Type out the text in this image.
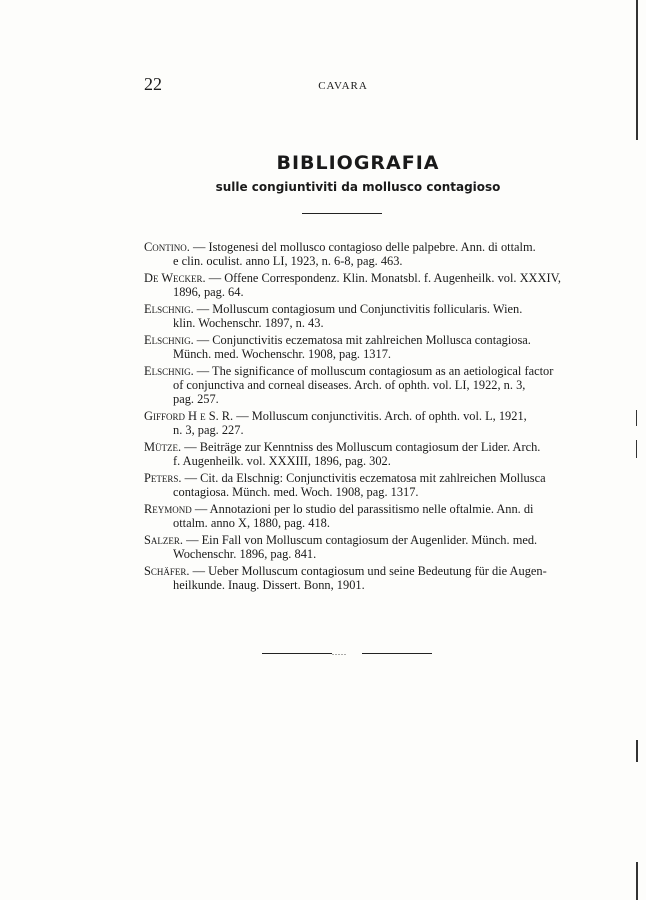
22	CAVARA
BIBLIOGRAFIA
sulle congiuntiviti da mollusco contagioso
Contino. — Istogenesi del mollusco contagioso delle palpebre. Ann. di ottalm.
e clin. oculist. anno LI, 1923, n. 6-8, pag. 463.
De Wecker. — Offene Correspondenz. Klin. Monatsbl. f. Augenheilk. vol. XXXIV,
1896, pag. 64.
Elschnig. — Molluscum contagiosum und Conjunctivitis follicularis. Wien.
klin. Wochenschr. 1897, n. 43.
Elschnig. — Conjunctivitis eczematosa mit zahlreichen Mollusca contagiosa.
Münch. med. Wochenschr. 1908, pag. 1317.
Elschnig. — The significance of molluscum contagiosum as an aetiological factor
of conjunctiva and corneal diseases. Arch. of ophth. vol. LI, 1922, n. 3,
pag. 257.
Gifford H e S. R. — Molluscum conjunctivitis. Arch. of ophth. vol. L, 1921,
n. 3, pag. 227.
Mütze. — Beiträge zur Kenntniss des Molluscum contagiosum der Lider. Arch.
f. Augenheilk. vol. XXXIII, 1896, pag. 302.
Peters. — Cit. da Elschnig: Conjunctivitis eczematosa mit zahlreichen Mollusca
contagiosa. Münch. med. Woch. 1908, pag. 1317.
Reymond — Annotazioni per lo studio del parassitismo nelle oftalmie. Ann. di
ottalm. anno X, 1880, pag. 418.
Salzer. — Ein Fall von Molluscum contagiosum der Augenlider. Münch. med.
Wochenschr. 1896, pag. 841.
Schäfer. — Ueber Molluscum contagiosum und seine Bedeutung für die Augen-
heilkunde. Inaug. Dissert. Bonn, 1901.
.....
